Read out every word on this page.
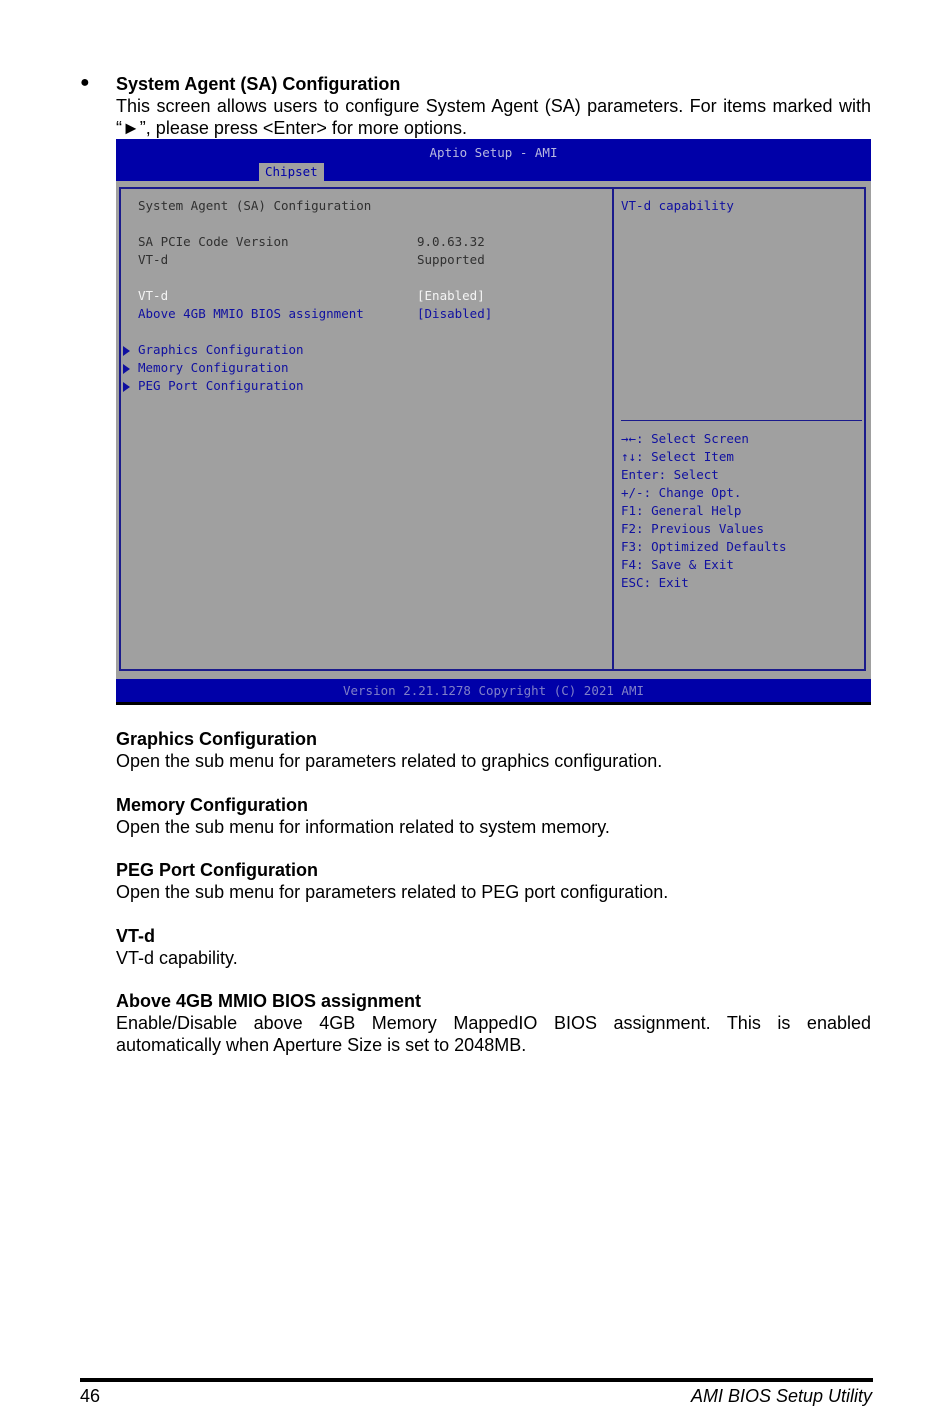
● System Agent (SA) Configuration

This screen allows users to configure System Agent (SA) parameters. For items marked with “►”, please press <Enter> for more options.

Aptio Setup - AMI
Chipset
System Agent (SA) Configuration
SA PCIe Code Version	9.0.63.32
VT-d	Supported
VT-d	[Enabled]
Above 4GB MMIO BIOS assignment	[Disabled]
Graphics Configuration
Memory Configuration
PEG Port Configuration
VT-d capability
→←: Select Screen
↑↓: Select Item
Enter: Select
+/-: Change Opt.
F1: General Help
F2: Previous Values
F3: Optimized Defaults
F4: Save & Exit
ESC: Exit
Version 2.21.1278 Copyright (C) 2021 AMI

Graphics Configuration

Open the sub menu for parameters related to graphics configuration.

Memory Configuration

Open the sub menu for information related to system memory.

PEG Port Configuration

Open the sub menu for parameters related to PEG port configuration.

VT-d

VT-d capability.

Above 4GB MMIO BIOS assignment

Enable/Disable above 4GB Memory MappedIO BIOS assignment. This is enabled automatically when Aperture Size is set to 2048MB.

46	AMI BIOS Setup Utility
